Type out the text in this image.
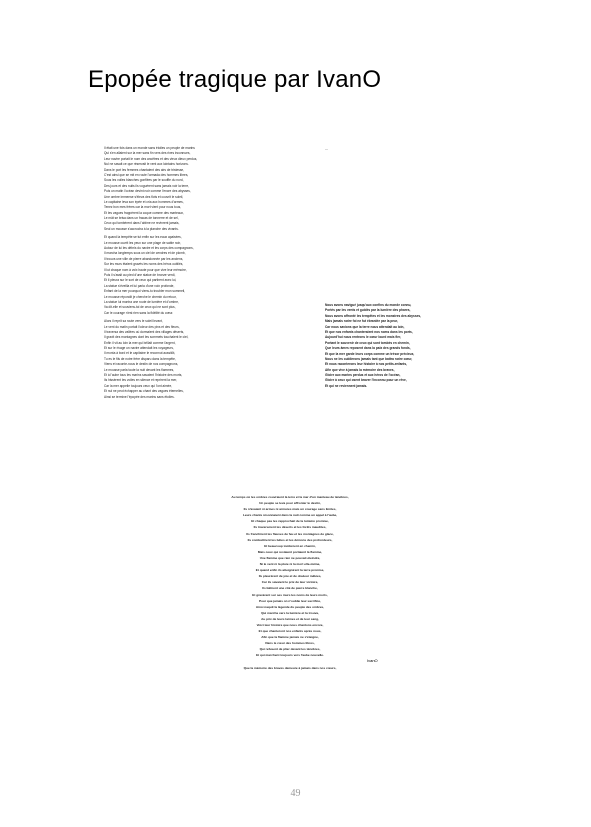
Epopée tragique par IvanO
Il était une fois dans un monde sans étoiles un peuple de marins
Qui s'en allaient sur la mer sans fin vers des rives inconnues,
Leur navire portait le nom des ancêtres et des vieux dieux perdus,
Nul ne savait ce que réservait le vent aux lointains horizons.
Dans le port les femmes chantaient des airs de tristesse,
C'est ainsi que se mit en route l'armada des hommes libres,
Sous les voiles blanches gonflées par le souffle du nord,
Des jours et des nuits ils voguèrent sans jamais voir la terre,
Puis un matin l'océan devint noir comme l'encre des abysses,
Une ombre immense s'éleva des flots et couvrit le soleil,
Le capitaine leva son épée et cria aux hommes d'armes,
Tenez bon mes frères car la mort vient pour nous tous,
Et les vagues frappèrent la coque comme des marteaux,
Le mât se brisa dans un fracas de tonnerre et de sel,
Ceux qui tombèrent dans l'abîme ne revinrent jamais,
Seul un mousse s'accrocha à la planche des vivants.
Et quand la tempête se tut enfin sur les eaux apaisées,
Le mousse ouvrit les yeux sur une plage de sable noir,
Autour de lui les débris du navire et les corps des compagnons,
Il marcha longtemps sous un ciel de cendres et de plomb,
Il trouva une ville de pierre abandonnée par les anciens,
Sur les murs étaient gravés les noms des héros oubliés,
Il lut chaque nom à voix haute pour que vive leur mémoire,
Puis il s'assit au pied d'une statue de bronze verdi,
Et il pleura sur le sort de ceux qui partirent avec lui,
La statue s'éveilla et lui parla d'une voix profonde,
Enfant de la mer pourquoi viens-tu troubler mon sommeil,
Le mousse répondit je cherche le chemin du retour,
La statue lui montra une route de lumière et d'ombre,
Va dit-elle et souviens-toi de ceux qui ne sont plus,
Car le courage n'est rien sans la fidélité du cœur.
Alors il reprit sa route vers le soleil levant,
Le vent du matin portait l'odeur des pins et des fleurs,
Il traversa des vallées où dormaient des villages déserts,
Il gravit des montagnes dont les sommets touchaient le ciel,
Enfin il vit au loin la mer qui brillait comme l'argent,
Et sur le rivage un navire attendait les voyageurs,
Il monta à bord et le capitaine le reconnut aussitôt,
Tu es le fils de notre frère disparu dans la tempête,
Viens et raconte-nous le destin de nos compagnons,
Le mousse parla toute la nuit devant les flammes,
Et à l'aube tous les marins savaient l'histoire des morts,
Ils hissèrent les voiles en silence et reprirent la mer,
Car la mer appelle toujours ceux qui l'ont aimée,
Et nul ne peut échapper au chant des vagues éternelles,
Ainsi se termine l'épopée des marins sans étoiles.
...
Nous avons navigué jusqu'aux confins du monde connu,
Portés par les vents et guidés par la lumière des phares,
Nous avons affronté les tempêtes et les monstres des abysses,
Mais jamais notre foi ne fut ébranlée par la peur,
Car nous savions que la terre nous attendait au loin,
Et que nos enfants chanteraient nos noms dans les ports,
Aujourd'hui nous rentrons le cœur lourd mais fier,
Portant le souvenir de ceux qui sont tombés en chemin,
Que leurs âmes reposent dans la paix des grands fonds,
Et que la mer garde leurs corps comme un trésor précieux,
Nous ne les oublierons jamais tant que battra notre cœur,
Et nous raconterons leur histoire à nos petits-enfants,
Afin que vive à jamais la mémoire des braves,
Gloire aux marins perdus et aux héros de l'océan,
Gloire à ceux qui osent braver l'inconnu pour un rêve,
Et qui ne reviennent jamais.
Au temps où les ombres couvraient la terre et la mer d'un manteau de ténèbres,
Un peuple se leva pour affronter le destin,
Ils n'avaient ni armes ni armures mais un courage sans limites,
Leurs chants résonnaient dans la nuit comme un appel à l'aube,
Et chaque pas les rapprochait de la lumière promise,
Ils traversèrent les déserts et les forêts maudites,
Ils franchirent les fleuves de feu et les montagnes de glace,
Ils combattirent les bêtes et les démons des profondeurs,
Et beaucoup tombèrent en chemin,
Mais ceux qui restaient portaient la flamme,
Une flamme que rien ne pouvait éteindre,
Ni le vent ni la pluie ni la mort elle-même,
Et quand enfin ils atteignirent la terre promise,
Ils pleurèrent de joie et de douleur mêlées,
Car ils savaient le prix de leur victoire,
Ils bâtirent une cité de pierre blanche,
Et gravèrent sur ses murs les noms de leurs morts,
Pour que jamais on n'oublie leur sacrifice,
Ainsi naquit la légende du peuple des ombres,
Qui marcha vers la lumière et la trouva,
Au prix de leurs larmes et de leur sang,
Voici leur histoire que nous chantons encore,
Et que chanteront nos enfants après nous,
Afin que la flamme jamais ne s'éteigne,
Dans le cœur des hommes libres,
Qui refusent de plier devant les ténèbres,
Et qui marchent toujours vers l'aube nouvelle.
Que la mémoire des braves demeure à jamais dans nos cœurs,
IvanO
49
